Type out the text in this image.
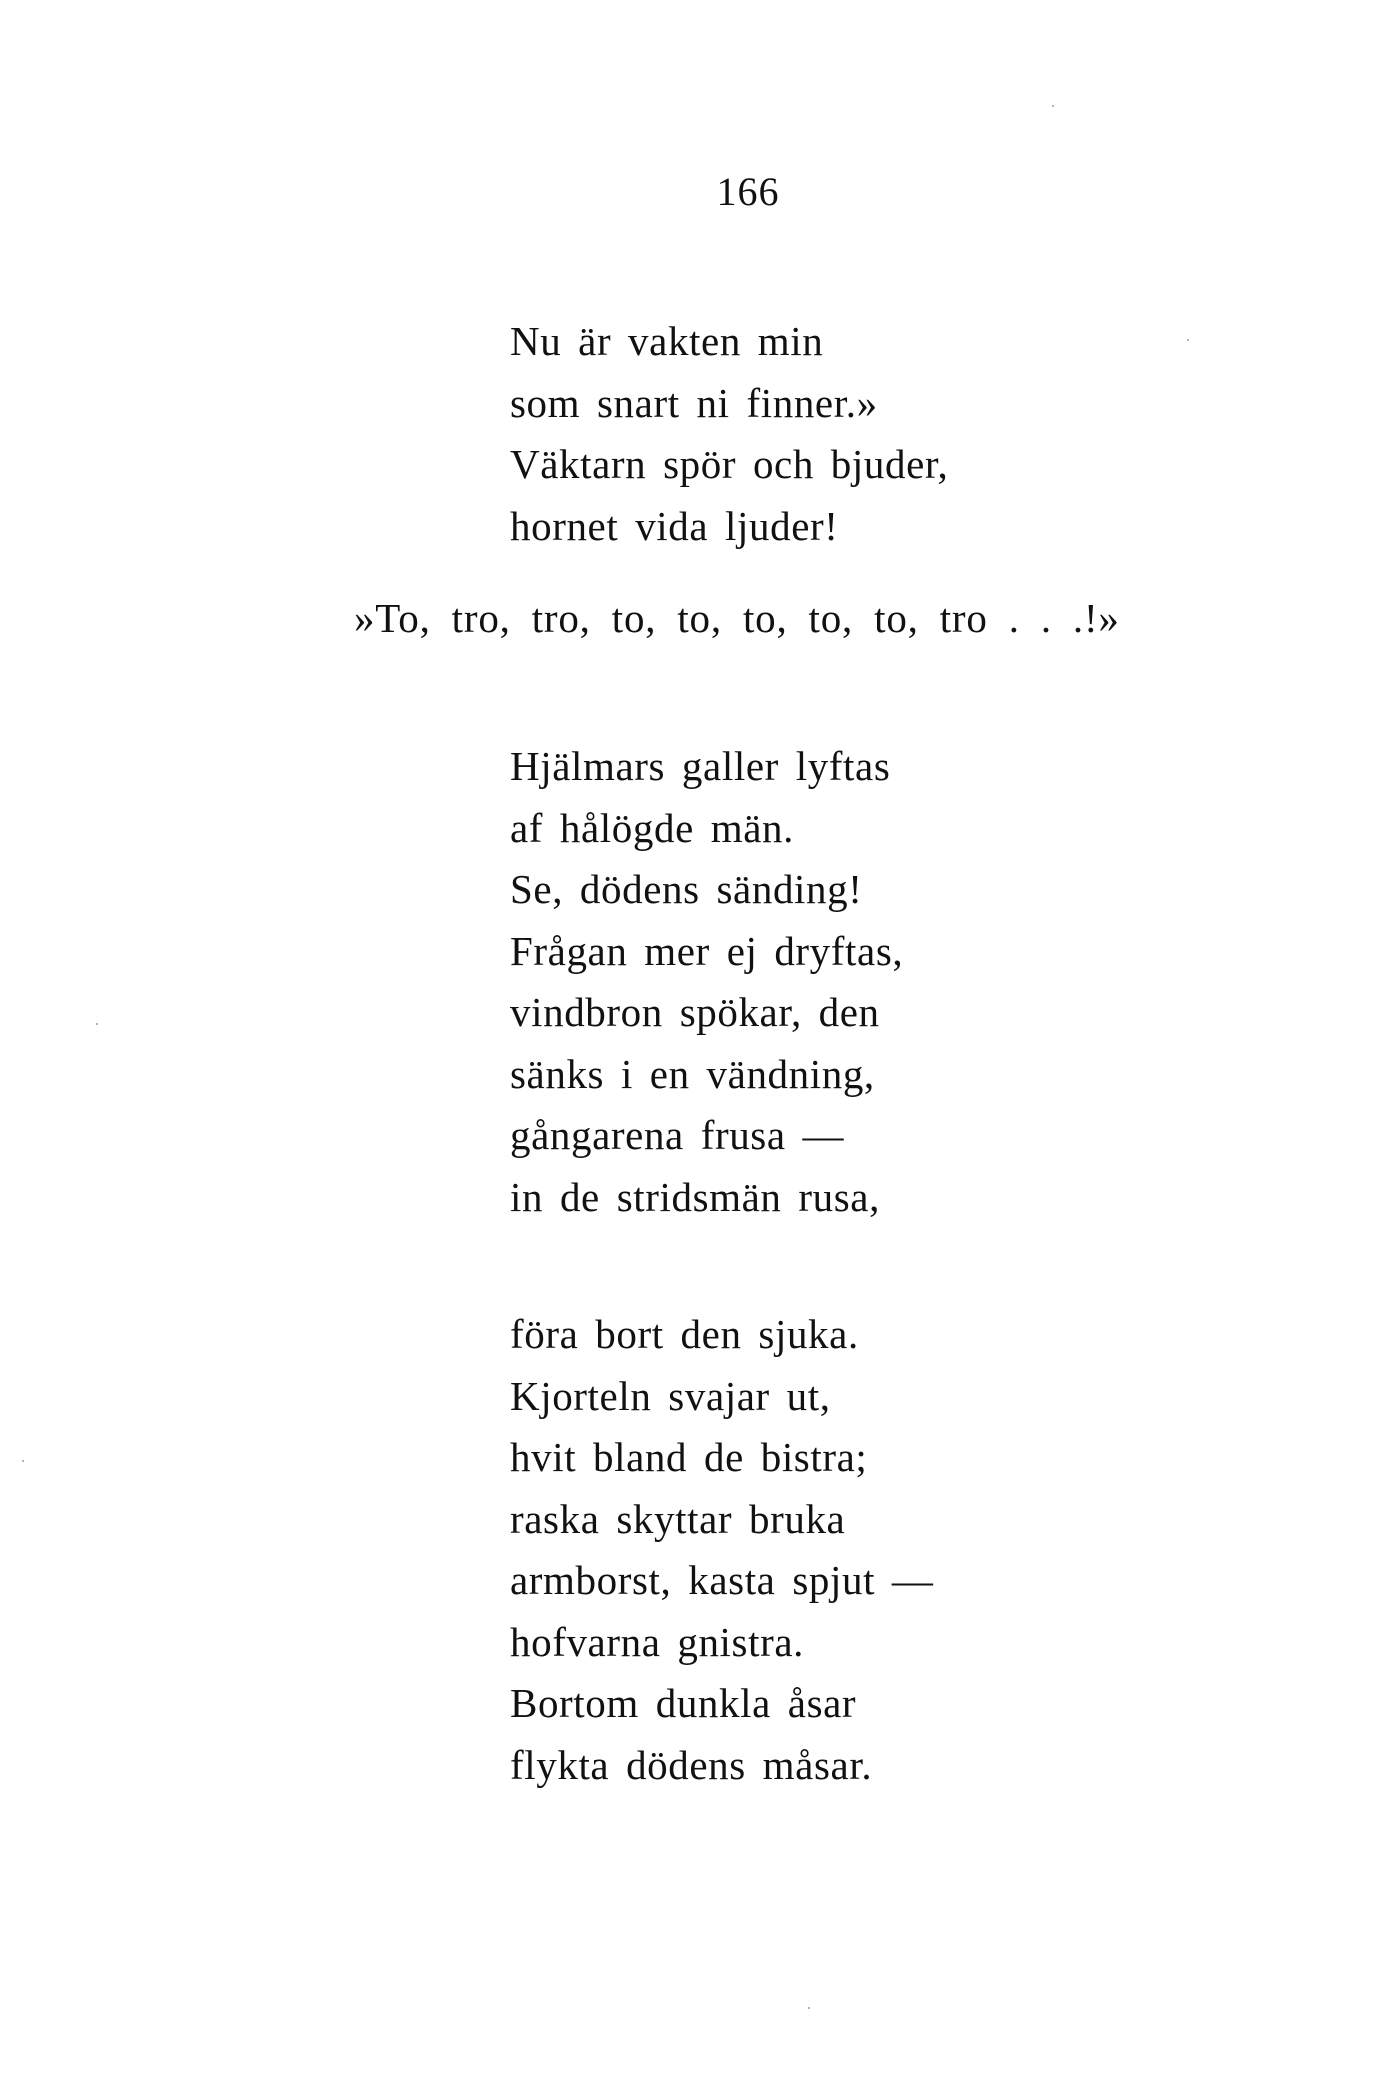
166
Nu är vakten min
som snart ni finner.»
Väktarn spör och bjuder,
hornet vida ljuder!
»To, tro, tro, to, to, to, to, to, tro . . .!»
Hjälmars galler lyftas
af hålögde män.
Se, dödens sänding!
Frågan mer ej dryftas,
vindbron spökar, den
sänks i en vändning,
gångarena frusa —
in de stridsmän rusa,
föra bort den sjuka.
Kjorteln svajar ut,
hvit bland de bistra;
raska skyttar bruka
armborst, kasta spjut —
hofvarna gnistra.
Bortom dunkla åsar
flykta dödens måsar.
